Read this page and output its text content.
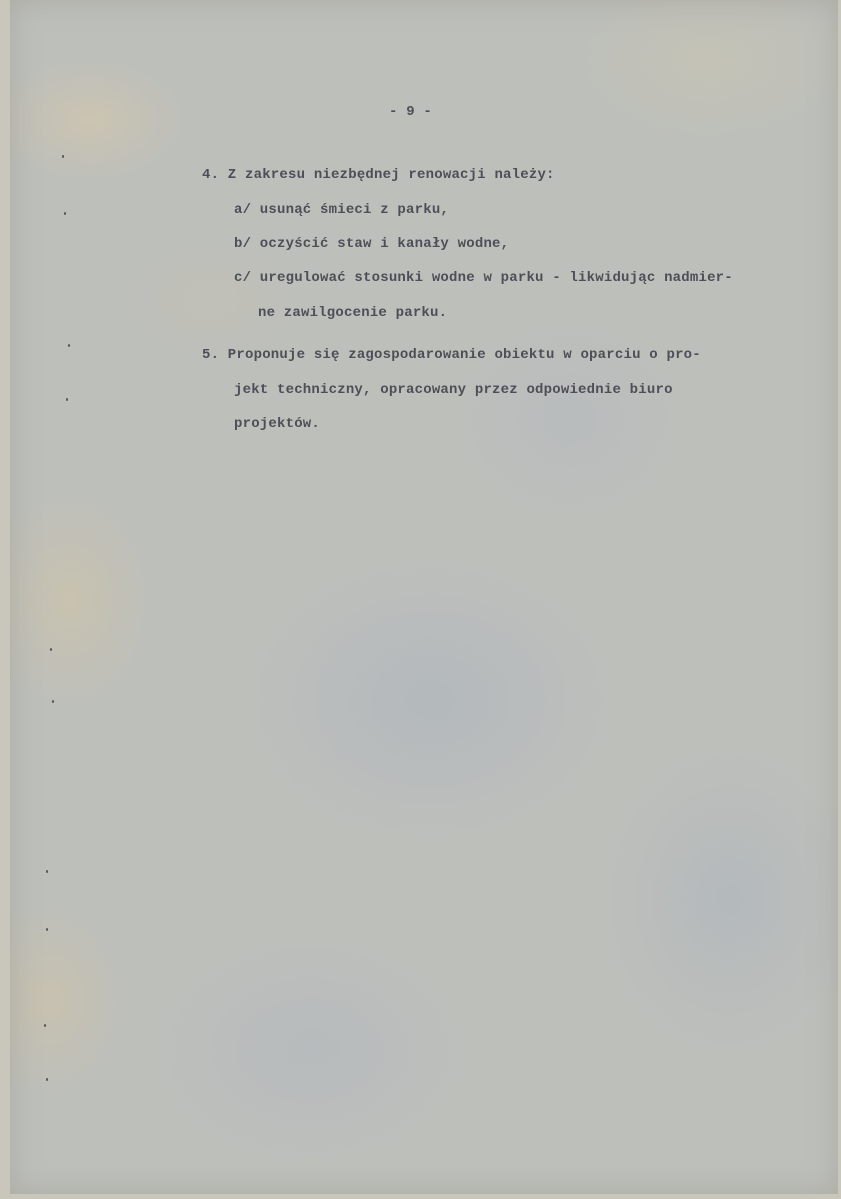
- 9 -
4. Z zakresu niezbędnej renowacji należy:
a/ usunąć śmieci z parku,
b/ oczyścić staw i kanały wodne,
c/ uregulować stosunki wodne w parku - likwidując nadmier-
ne zawilgocenie parku.
5. Proponuje się zagospodarowanie obiektu w oparciu o pro-
jekt techniczny, opracowany przez odpowiednie biuro
projektów.
